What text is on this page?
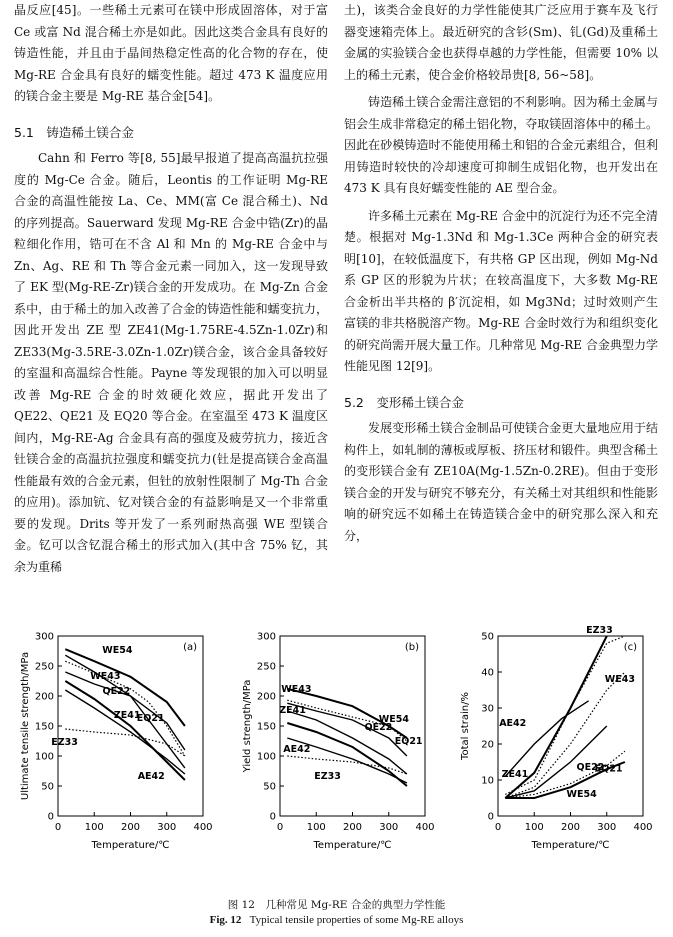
晶反应[45]。一些稀土元素可在镁中形成固溶体，对于富 Ce 或富 Nd 混合稀土亦是如此。因此这类合金具有良好的铸造性能，并且由于晶间热稳定性高的化合物的存在，使 Mg-RE 合金具有良好的蠕变性能。超过 473 K 温度应用的镁合金主要是 Mg-RE 基合金[54]。

5.1　铸造稀土镁合金

Cahn 和 Ferro 等[8, 55]最早报道了提高高温抗拉强度的 Mg-Ce 合金。随后，Leontis 的工作证明 Mg-RE 合金的高温性能按 La、Ce、MM(富 Ce 混合稀土)、Nd 的序列提高。Sauerward 发现 Mg-RE 合金中锆(Zr)的晶粒细化作用，锆可在不含 Al 和 Mn 的 Mg-RE 合金中与 Zn、Ag、RE 和 Th 等合金元素一同加入，这一发现导致了 EK 型(Mg-RE-Zr)镁合金的开发成功。在 Mg-Zn 合金系中，由于稀土的加入改善了合金的铸造性能和蠕变抗力，因此开发出 ZE 型 ZE41(Mg-1.75RE-4.5Zn-1.0Zr)和 ZE33(Mg-3.5RE-3.0Zn-1.0Zr)镁合金，该合金具备较好的室温和高温综合性能。Payne 等发现银的加入可以明显改善 Mg-RE 合金的时效硬化效应，据此开发出了 QE22、QE21 及 EQ20 等合金。在室温至 473 K 温度区间内，Mg-RE-Ag 合金具有高的强度及疲劳抗力，接近含钍镁合金的高温抗拉强度和蠕变抗力(钍是提高镁合金高温性能最有效的合金元素，但钍的放射性限制了 Mg-Th 合金的应用)。添加钪、钇对镁合金的有益影响是又一个非常重要的发现。Drits 等开发了一系列耐热高强 WE 型镁合金。钇可以含钇混合稀土的形式加入(其中含 75% 钇，其余为重稀

土)，该类合金良好的力学性能使其广泛应用于赛车及飞行器变速箱壳体上。最近研究的含钐(Sm)、钆(Gd)及重稀土金属的实验镁合金也获得卓越的力学性能，但需要 10% 以上的稀土元素，使合金价格较昂贵[8, 56~58]。

铸造稀土镁合金需注意铝的不利影响。因为稀土金属与铝会生成非常稳定的稀土铝化物，夺取镁固溶体中的稀土。因此在砂模铸造时不能使用稀土和铝的合金元素组合，但利用铸造时较快的冷却速度可抑制生成铝化物，也开发出在 473 K 具有良好蠕变性能的 AE 型合金。

许多稀土元素在 Mg-RE 合金中的沉淀行为还不完全清楚。根据对 Mg-1.3Nd 和 Mg-1.3Ce 两种合金的研究表明[10]，在较低温度下，有共格 GP 区出现，例如 Mg-Nd 系 GP 区的形貌为片状；在较高温度下，大多数 Mg-RE 合金析出半共格的 β′沉淀相，如 Mg3Nd；过时效则产生富镁的非共格脱溶产物。Mg-RE 合金时效行为和组织变化的研究尚需开展大量工作。几种常见 Mg-RE 合金典型力学性能见图 12[9]。

5.2　变形稀土镁合金

发展变形稀土镁合金制品可使镁合金更大量地应用于结构件上，如轧制的薄板或厚板、挤压材和锻件。典型含稀土的变形镁合金有 ZE10A(Mg-1.5Zn-0.2RE)。但由于变形镁合金的开发与研究不够充分，有关稀土对其组织和性能影响的研究远不如稀土在铸造镁合金中的研究那么深入和充分，

0 100 200 300 400
0
50
100
150
200
250
300
Temperature/℃
Ultimate tensile strength/MPa
(a)
WE54
WE43
QE22
EQ21
ZE41
AE42
EZ33
0 100 200 300 400
0
50
100
150
200
250
300
Temperature/℃
Yield strength/MPa
(b)
WE54
WE43
EQ21
QE22
ZE41
AE42
EZ33
0 100 200 300 400
0
10
20
30
40
50
Temperature/℃
Total strain/%
(c)
EZ33
ZE41
WE43
AE42
QE22
EQ21
WE54
图 12　几种常见 Mg-RE 合金的典型力学性能
Fig. 12 Typical tensile properties of some Mg-RE alloys
